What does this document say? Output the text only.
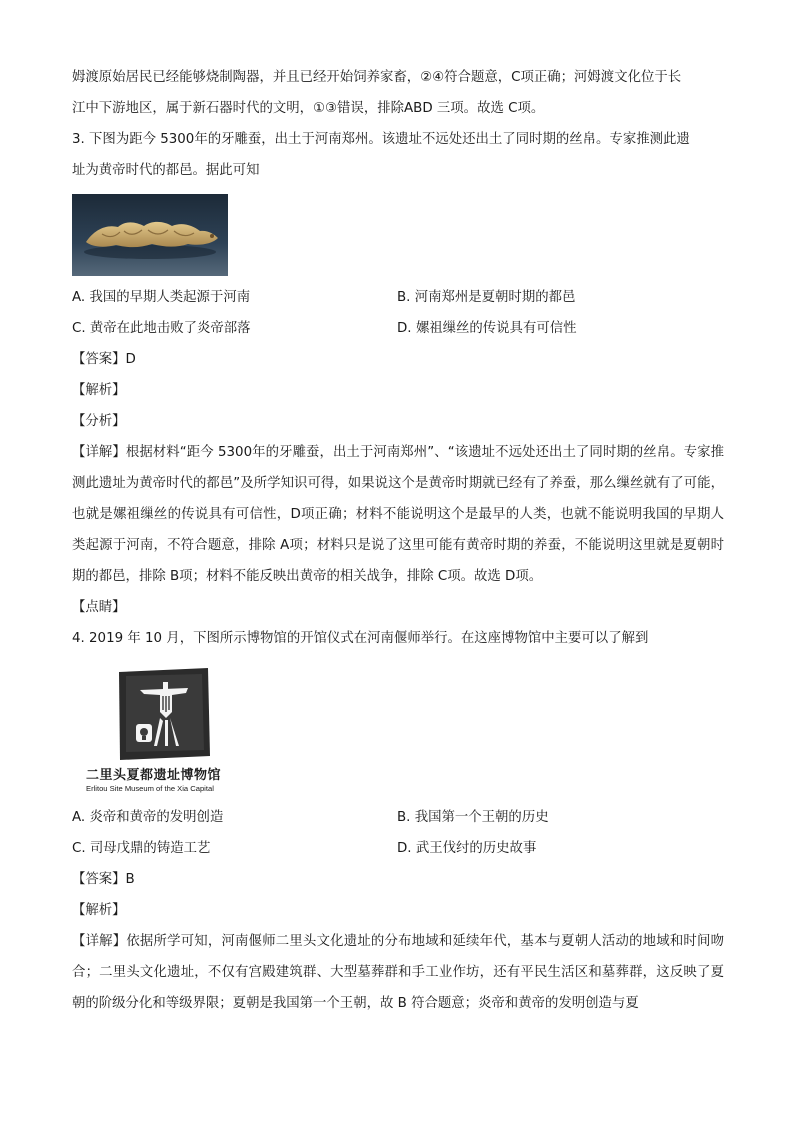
姆渡原始居民已经能够烧制陶器，并且已经开始饲养家畜，②④符合题意，C项正确；河姆渡文化位于长

江中下游地区，属于新石器时代的文明，①③错误，排除ABD 三项。故选 C项。

3. 下图为距今 5300年的牙雕蚕，出土于河南郑州。该遗址不远处还出土了同时期的丝帛。专家推测此遗

址为黄帝时代的都邑。据此可知

A. 我国的早期人类起源于河南	B. 河南郑州是夏朝时期的都邑
C. 黄帝在此地击败了炎帝部落	D. 嫘祖缫丝的传说具有可信性

【答案】D

【解析】

【分析】

【详解】根据材料“距今 5300年的牙雕蚕，出土于河南郑州”、“该遗址不远处还出土了同时期的丝帛。专家推测此遗址为黄帝时代的都邑”及所学知识可得，如果说这个是黄帝时期就已经有了养蚕，那么缫丝就有了可能，也就是嫘祖缫丝的传说具有可信性，D项正确；材料不能说明这个是最早的人类，也就不能说明我国的早期人类起源于河南，不符合题意，排除 A项；材料只是说了这里可能有黄帝时期的养蚕，不能说明这里就是夏朝时期的都邑，排除 B项；材料不能反映出黄帝的相关战争，排除 C项。故选 D项。

【点睛】

4. 2019 年 10 月，下图所示博物馆的开馆仪式在河南偃师举行。在这座博物馆中主要可以了解到

二里头夏都遗址博物馆
Erlitou Site Museum of the Xia Capital
A. 炎帝和黄帝的发明创造	B. 我国第一个王朝的历史
C. 司母戊鼎的铸造工艺	D. 武王伐纣的历史故事

【答案】B

【解析】

【详解】依据所学可知，河南偃师二里头文化遗址的分布地域和延续年代，基本与夏朝人活动的地域和时间吻合；二里头文化遗址，不仅有宫殿建筑群、大型墓葬群和手工业作坊，还有平民生活区和墓葬群，这反映了夏朝的阶级分化和等级界限；夏朝是我国第一个王朝，故 B 符合题意；炎帝和黄帝的发明创造与夏
